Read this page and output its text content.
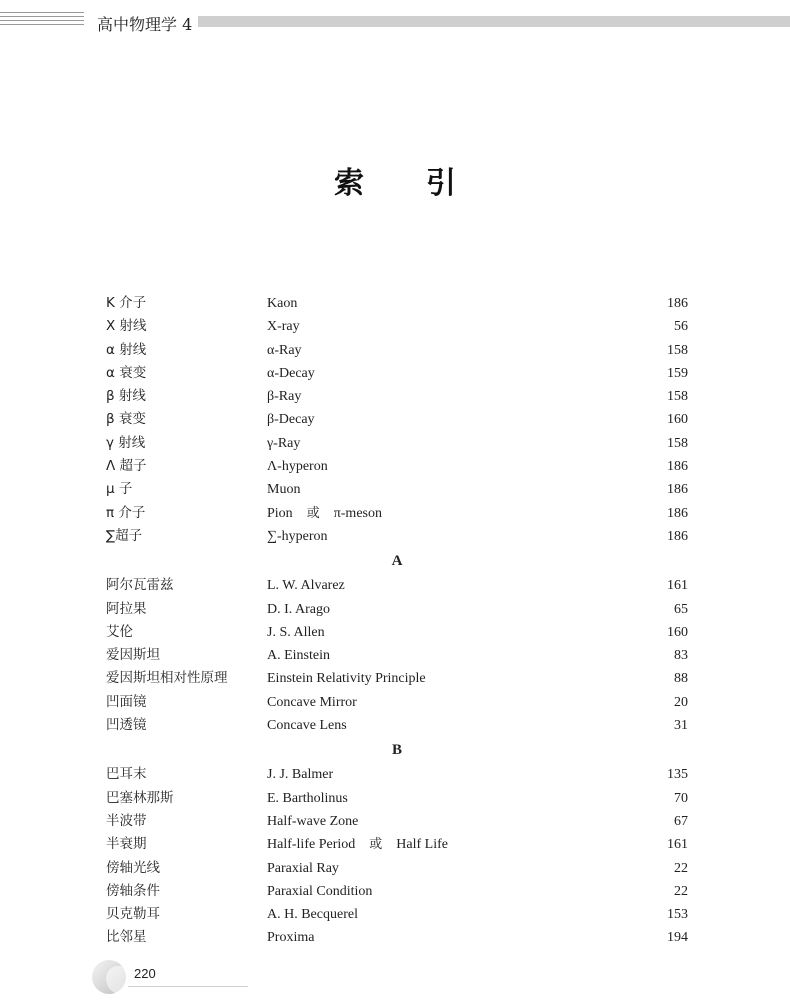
高中物理学 4
索引
K 介子	Kaon	186
X 射线	X-ray	56
α 射线	α-Ray	158
α 衰变	α-Decay	159
β 射线	β-Ray	158
β 衰变	β-Decay	160
γ 射线	γ-Ray	158
Λ 超子	Λ-hyperon	186
μ 子	Muon	186
π 介子	Pion 或 π-meson	186
∑超子	∑-hyperon	186
A
阿尔瓦雷兹	L. W. Alvarez	161
阿拉果	D. I. Arago	65
艾伦	J. S. Allen	160
爱因斯坦	A. Einstein	83
爱因斯坦相对性原理	Einstein Relativity Principle	88
凹面镜	Concave Mirror	20
凹透镜	Concave Lens	31
B
巴耳末	J. J. Balmer	135
巴塞林那斯	E. Bartholinus	70
半波带	Half-wave Zone	67
半衰期	Half-life Period 或 Half Life	161
傍轴光线	Paraxial Ray	22
傍轴条件	Paraxial Condition	22
贝克勒耳	A. H. Becquerel	153
比邻星	Proxima	194
220
